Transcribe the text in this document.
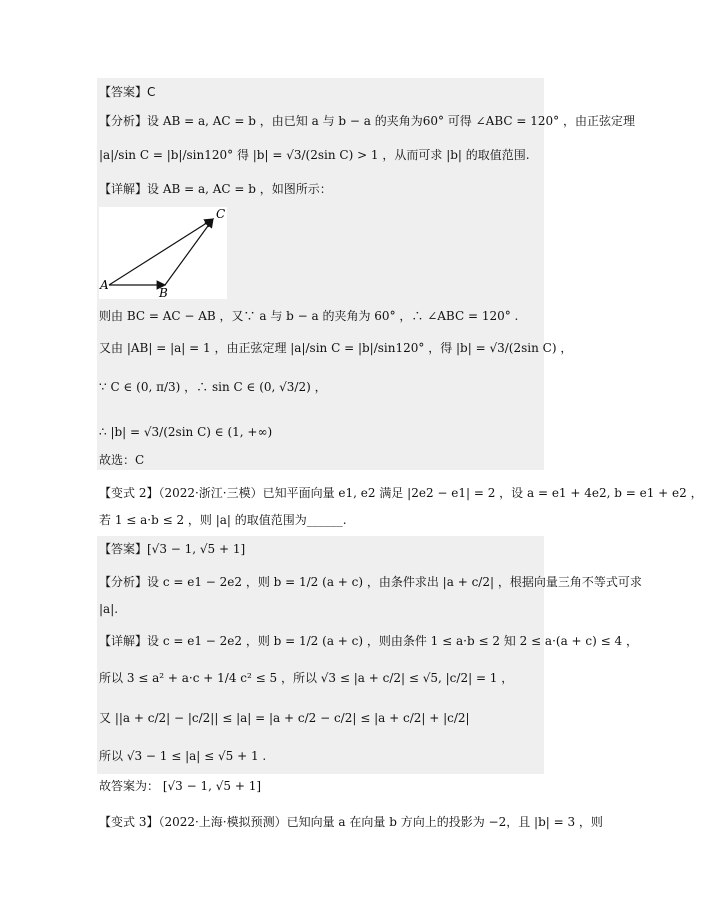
【答案】C
【分析】设 AB = a, AC = b ，由已知 a 与 b − a 的夹角为60° 可得 ∠ABC = 120° ，由正弦定理
|a|/sin C = |b|/sin120° 得 |b| = √3/(2sin C) > 1 ，从而可求 |b| 的取值范围.
【详解】设 AB = a, AC = b ，如图所示：
A
B
C
则由 BC = AC − AB ，又∵ a 与 b − a 的夹角为 60° ，∴ ∠ABC = 120° .
又由 |AB| = |a| = 1 ，由正弦定理 |a|/sin C = |b|/sin120° ，得 |b| = √3/(2sin C) ，
∵ C ∈ (0, π/3) ，∴ sin C ∈ (0, √3/2) ，
∴ |b| = √3/(2sin C) ∈ (1, +∞)
故选：C
【变式 2】（2022·浙江·三模）已知平面向量 e1, e2 满足 |2e2 − e1| = 2 ，设 a = e1 + 4e2, b = e1 + e2 ，
若 1 ≤ a·b ≤ 2 ，则 |a| 的取值范围为______.
【答案】[√3 − 1, √5 + 1]
【分析】设 c = e1 − 2e2 ，则 b = 1/2 (a + c) ，由条件求出 |a + c/2| ，根据向量三角不等式可求
|a|.
【详解】设 c = e1 − 2e2 ，则 b = 1/2 (a + c) ，则由条件 1 ≤ a·b ≤ 2 知 2 ≤ a·(a + c) ≤ 4 ，
所以 3 ≤ a² + a·c + 1/4 c² ≤ 5 ，所以 √3 ≤ |a + c/2| ≤ √5, |c/2| = 1 ，
又 ||a + c/2| − |c/2|| ≤ |a| = |a + c/2 − c/2| ≤ |a + c/2| + |c/2|
所以 √3 − 1 ≤ |a| ≤ √5 + 1 .
故答案为： [√3 − 1, √5 + 1]
【变式 3】（2022·上海·模拟预测）已知向量 a 在向量 b 方向上的投影为 −2，且 |b| = 3 ，则
